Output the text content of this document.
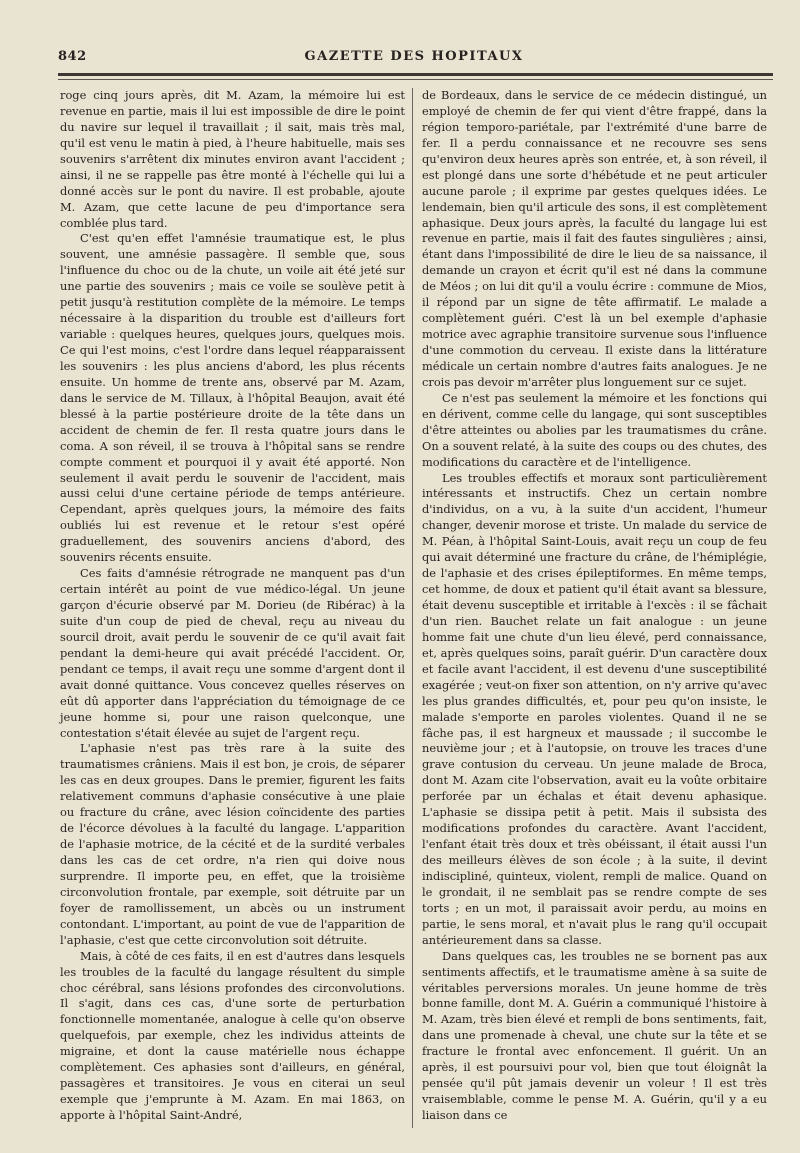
842	GAZETTE DES HOPITAUX

roge cinq jours après, dit M. Azam, la mémoire lui est revenue en partie, mais il lui est impossible de dire le point du navire sur lequel il travaillait ; il sait, mais très mal, qu'il est venu le matin à pied, à l'heure habituelle, mais ses souvenirs s'arrêtent dix minutes environ avant l'accident ; ainsi, il ne se rappelle pas être monté à l'échelle qui lui a donné accès sur le pont du navire. Il est probable, ajoute M. Azam, que cette lacune de peu d'importance sera comblée plus tard.

C'est qu'en effet l'amnésie traumatique est, le plus souvent, une amnésie passagère. Il semble que, sous l'influence du choc ou de la chute, un voile ait été jeté sur une partie des souvenirs ; mais ce voile se soulève petit à petit jusqu'à restitution complète de la mémoire. Le temps nécessaire à la disparition du trouble est d'ailleurs fort variable : quelques heures, quelques jours, quelques mois. Ce qui l'est moins, c'est l'ordre dans lequel réapparaissent les souvenirs : les plus anciens d'abord, les plus récents ensuite. Un homme de trente ans, observé par M. Azam, dans le service de M. Tillaux, à l'hôpital Beaujon, avait été blessé à la partie postérieure droite de la tête dans un accident de chemin de fer. Il resta quatre jours dans le coma. A son réveil, il se trouva à l'hôpital sans se rendre compte comment et pourquoi il y avait été apporté. Non seulement il avait perdu le souvenir de l'accident, mais aussi celui d'une certaine période de temps antérieure. Cependant, après quelques jours, la mémoire des faits oubliés lui est revenue et le retour s'est opéré graduellement, des souvenirs anciens d'abord, des souvenirs récents ensuite.

Ces faits d'amnésie rétrograde ne manquent pas d'un certain intérêt au point de vue médico-légal. Un jeune garçon d'écurie observé par M. Dorieu (de Ribérac) à la suite d'un coup de pied de cheval, reçu au niveau du sourcil droit, avait perdu le souvenir de ce qu'il avait fait pendant la demi-heure qui avait précédé l'accident. Or, pendant ce temps, il avait reçu une somme d'argent dont il avait donné quittance. Vous concevez quelles réserves on eût dû apporter dans l'appréciation du témoignage de ce jeune homme si, pour une raison quelconque, une contestation s'était élevée au sujet de l'argent reçu.

L'aphasie n'est pas très rare à la suite des traumatismes crâniens. Mais il est bon, je crois, de séparer les cas en deux groupes. Dans le premier, figurent les faits relativement communs d'aphasie consécutive à une plaie ou fracture du crâne, avec lésion coïncidente des parties de l'écorce dévolues à la faculté du langage. L'apparition de l'aphasie motrice, de la cécité et de la surdité verbales dans les cas de cet ordre, n'a rien qui doive nous surprendre. Il importe peu, en effet, que la troisième circonvolution frontale, par exemple, soit détruite par un foyer de ramollissement, un abcès ou un instrument contondant. L'important, au point de vue de l'apparition de l'aphasie, c'est que cette circonvolution soit détruite.

Mais, à côté de ces faits, il en est d'autres dans lesquels les troubles de la faculté du langage résultent du simple choc cérébral, sans lésions profondes des circonvolutions. Il s'agit, dans ces cas, d'une sorte de perturbation fonctionnelle momentanée, analogue à celle qu'on observe quelquefois, par exemple, chez les individus atteints de migraine, et dont la cause matérielle nous échappe complètement. Ces aphasies sont d'ailleurs, en général, passagères et transitoires. Je vous en citerai un seul exemple que j'emprunte à M. Azam. En mai 1863, on apporte à l'hôpital Saint-André,

de Bordeaux, dans le service de ce médecin distingué, un employé de chemin de fer qui vient d'être frappé, dans la région temporo-pariétale, par l'extrémité d'une barre de fer. Il a perdu connaissance et ne recouvre ses sens qu'environ deux heures après son entrée, et, à son réveil, il est plongé dans une sorte d'hébétude et ne peut articuler aucune parole ; il exprime par gestes quelques idées. Le lendemain, bien qu'il articule des sons, il est complètement aphasique. Deux jours après, la faculté du langage lui est revenue en partie, mais il fait des fautes singulières ; ainsi, étant dans l'impossibilité de dire le lieu de sa naissance, il demande un crayon et écrit qu'il est né dans la commune de Méos ; on lui dit qu'il a voulu écrire : commune de Mios, il répond par un signe de tête affirmatif. Le malade a complètement guéri. C'est là un bel exemple d'aphasie motrice avec agraphie transitoire survenue sous l'influence d'une commotion du cerveau. Il existe dans la littérature médicale un certain nombre d'autres faits analogues. Je ne crois pas devoir m'arrêter plus longuement sur ce sujet.

Ce n'est pas seulement la mémoire et les fonctions qui en dérivent, comme celle du langage, qui sont susceptibles d'être atteintes ou abolies par les traumatismes du crâne. On a souvent relaté, à la suite des coups ou des chutes, des modifications du caractère et de l'intelligence.

Les troubles effectifs et moraux sont particulièrement intéressants et instructifs. Chez un certain nombre d'individus, on a vu, à la suite d'un accident, l'humeur changer, devenir morose et triste. Un malade du service de M. Péan, à l'hôpital Saint-Louis, avait reçu un coup de feu qui avait déterminé une fracture du crâne, de l'hémiplégie, de l'aphasie et des crises épileptiformes. En même temps, cet homme, de doux et patient qu'il était avant sa blessure, était devenu susceptible et irritable à l'excès : il se fâchait d'un rien. Bauchet relate un fait analogue : un jeune homme fait une chute d'un lieu élevé, perd connaissance, et, après quelques soins, paraît guérir. D'un caractère doux et facile avant l'accident, il est devenu d'une susceptibilité exagérée ; veut-on fixer son attention, on n'y arrive qu'avec les plus grandes difficultés, et, pour peu qu'on insiste, le malade s'emporte en paroles violentes. Quand il ne se fâche pas, il est hargneux et maussade ; il succombe le neuvième jour ; et à l'autopsie, on trouve les traces d'une grave contusion du cerveau. Un jeune malade de Broca, dont M. Azam cite l'observation, avait eu la voûte orbitaire perforée par un échalas et était devenu aphasique. L'aphasie se dissipa petit à petit. Mais il subsista des modifications profondes du caractère. Avant l'accident, l'enfant était très doux et très obéissant, il était aussi l'un des meilleurs élèves de son école ; à la suite, il devint indiscipliné, quinteux, violent, rempli de malice. Quand on le grondait, il ne semblait pas se rendre compte de ses torts ; en un mot, il paraissait avoir perdu, au moins en partie, le sens moral, et n'avait plus le rang qu'il occupait antérieurement dans sa classe.

Dans quelques cas, les troubles ne se bornent pas aux sentiments affectifs, et le traumatisme amène à sa suite de véritables perversions morales. Un jeune homme de très bonne famille, dont M. A. Guérin a communiqué l'histoire à M. Azam, très bien élevé et rempli de bons sentiments, fait, dans une promenade à cheval, une chute sur la tête et se fracture le frontal avec enfoncement. Il guérit. Un an après, il est poursuivi pour vol, bien que tout éloignât la pensée qu'il pût jamais devenir un voleur ! Il est très vraisemblable, comme le pense M. A. Guérin, qu'il y a eu liaison dans ce
